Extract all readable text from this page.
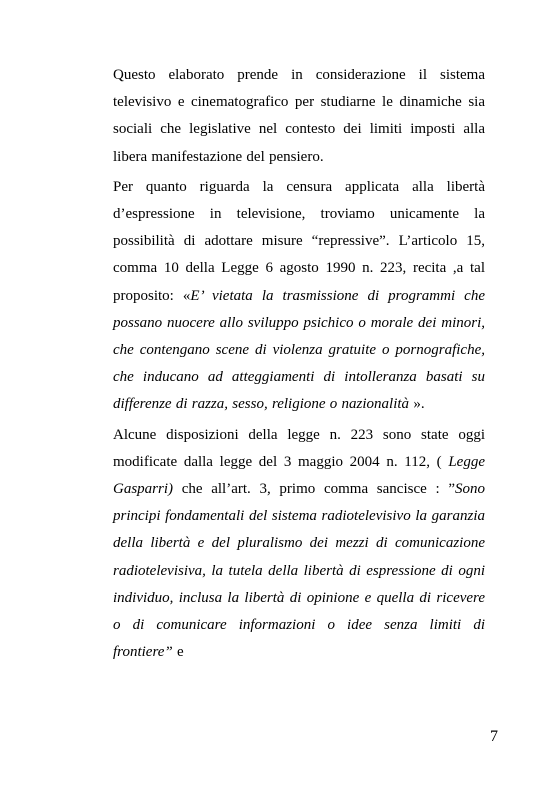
Questo elaborato prende in considerazione il sistema televisivo e cinematografico per studiarne le dinamiche sia sociali che legislative nel contesto dei limiti imposti alla libera manifestazione del pensiero.

Per quanto riguarda la censura applicata alla libertà d’espressione in televisione, troviamo unicamente la possibilità di adottare misure “repressive”. L’articolo 15, comma 10 della Legge 6 agosto 1990 n. 223, recita ,a tal proposito: «E’ vietata la trasmissione di programmi che possano nuocere allo sviluppo psichico o morale dei minori, che contengano scene di violenza gratuite o pornografiche, che inducano ad atteggiamenti di intolleranza basati su differenze di razza, sesso, religione o nazionalità ».

Alcune disposizioni della legge n. 223 sono state oggi modificate dalla legge del 3 maggio 2004 n. 112, ( Legge Gasparri) che all’art. 3, primo comma sancisce : ”Sono principi fondamentali del sistema radiotelevisivo la garanzia della libertà e del pluralismo dei mezzi di comunicazione radiotelevisiva, la tutela della libertà di espressione di ogni individuo, inclusa la libertà di opinione e quella di ricevere o di comunicare informazioni o idee senza limiti di frontiere” e

7
